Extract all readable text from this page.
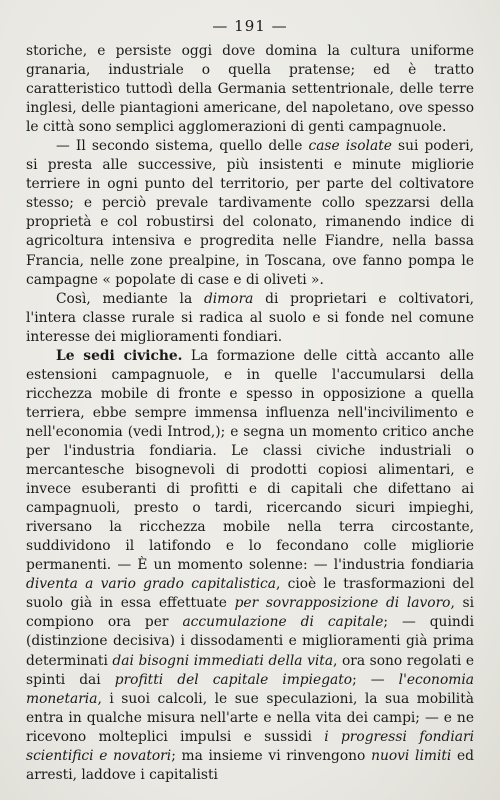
— 191 —

storiche, e persiste oggi dove domina la cultura uniforme granaria, industriale o quella pratense; ed è tratto caratteristico tuttodì della Germania settentrionale, delle terre inglesi, delle piantagioni americane, del napoletano, ove spesso le città sono semplici agglomerazioni di genti campagnuole.

— Il secondo sistema, quello delle case isolate sui poderi, si presta alle successive, più insistenti e minute migliorie terriere in ogni punto del territorio, per parte del coltivatore stesso; e perciò prevale tardivamente collo spezzarsi della proprietà e col robustirsi del colonato, rimanendo indice di agricoltura intensiva e progredita nelle Fiandre, nella bassa Francia, nelle zone prealpine, in Toscana, ove fanno pompa le campagne « popolate di case e di oliveti ».

Così, mediante la dimora di proprietari e coltivatori, l'intera classe rurale si radica al suolo e si fonde nel comune interesse dei miglioramenti fondiari.

Le sedi civiche. La formazione delle città accanto alle estensioni campagnuole, e in quelle l'accumularsi della ricchezza mobile di fronte e spesso in opposizione a quella terriera, ebbe sempre immensa influenza nell'incivilimento e nell'economia (vedi Introd,); e segna un momento critico anche per l'industria fondiaria. Le classi civiche industriali o mercantesche bisognevoli di prodotti copiosi alimentari, e invece esuberanti di profitti e di capitali che difettano ai campagnuoli, presto o tardi, ricercando sicuri impieghi, riversano la ricchezza mobile nella terra circostante, suddividono il latifondo e lo fecondano colle migliorie permanenti. — È un momento solenne: — l'industria fondiaria diventa a vario grado capitalistica, cioè le trasformazioni del suolo già in essa effettuate per sovrapposizione di lavoro, si compiono ora per accumulazione di capitale; — quindi (distinzione decisiva) i dissodamenti e miglioramenti già prima determinati dai bisogni immediati della vita, ora sono regolati e spinti dai profitti del capitale impiegato; — l'economia monetaria, i suoi calcoli, le sue speculazioni, la sua mobilità entra in qualche misura nell'arte e nella vita dei campi; — e ne ricevono molteplici impulsi e sussidi i progressi fondiari scientifici e novatori; ma insieme vi rinvengono nuovi limiti ed arresti, laddove i capitalisti
